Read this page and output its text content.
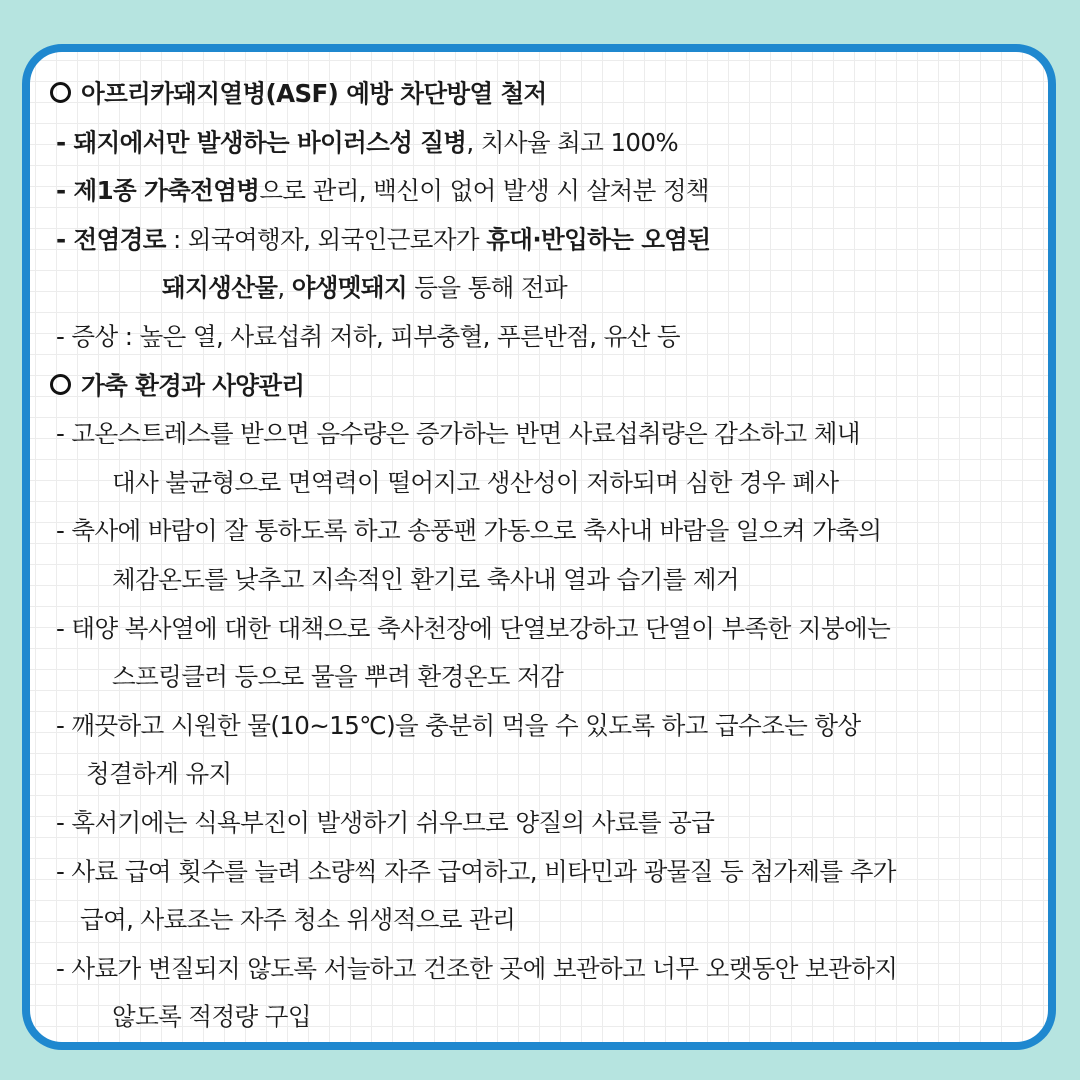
아프리카돼지열병(ASF) 예방 차단방열 철저
- 돼지에서만 발생하는 바이러스성 질병, 치사율 최고 100%
- 제1종 가축전염병으로 관리, 백신이 없어 발생 시 살처분 정책
- 전염경로 : 외국여행자, 외국인근로자가 휴대·반입하는 오염된
돼지생산물, 야생멧돼지 등을 통해 전파
- 증상 : 높은 열, 사료섭취 저하, 피부충혈, 푸른반점, 유산 등
가축 환경과 사양관리
- 고온스트레스를 받으면 음수량은 증가하는 반면 사료섭취량은 감소하고 체내
대사 불균형으로 면역력이 떨어지고 생산성이 저하되며 심한 경우 폐사
- 축사에 바람이 잘 통하도록 하고 송풍팬 가동으로 축사내 바람을 일으켜 가축의
체감온도를 낮추고 지속적인 환기로 축사내 열과 습기를 제거
- 태양 복사열에 대한 대책으로 축사천장에 단열보강하고 단열이 부족한 지붕에는
스프링클러 등으로 물을 뿌려 환경온도 저감
- 깨끗하고 시원한 물(10~15℃)을 충분히 먹을 수 있도록 하고 급수조는 항상
청결하게 유지
- 혹서기에는 식욕부진이 발생하기 쉬우므로 양질의 사료를 공급
- 사료 급여 횟수를 늘려 소량씩 자주 급여하고, 비타민과 광물질 등 첨가제를 추가
급여, 사료조는 자주 청소 위생적으로 관리
- 사료가 변질되지 않도록 서늘하고 건조한 곳에 보관하고 너무 오랫동안 보관하지
않도록 적정량 구입
